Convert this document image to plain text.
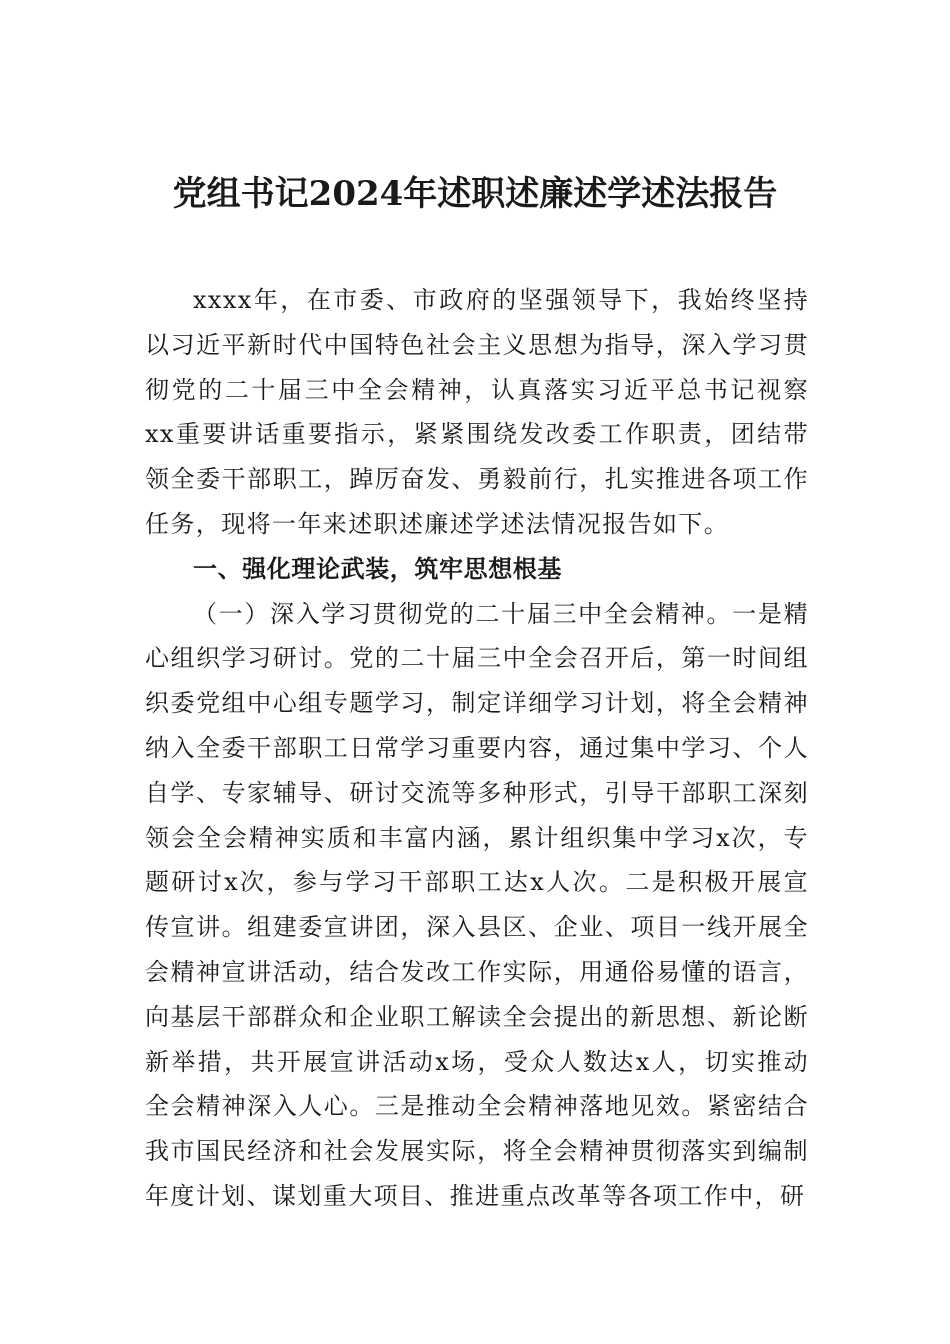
党组书记2024年述职述廉述学述法报告

xxxx年，在市委、市政府的坚强领导下，我始终坚持以习近平新时代中国特色社会主义思想为指导，深入学习贯彻党的二十届三中全会精神，认真落实习近平总书记视察xx重要讲话重要指示，紧紧围绕发改委工作职责，团结带领全委干部职工，踔厉奋发、勇毅前行，扎实推进各项工作任务，现将一年来述职述廉述学述法情况报告如下。

一、强化理论武装，筑牢思想根基

（一）深入学习贯彻党的二十届三中全会精神。一是精心组织学习研讨。党的二十届三中全会召开后，第一时间组织委党组中心组专题学习，制定详细学习计划，将全会精神纳入全委干部职工日常学习重要内容，通过集中学习、个人自学、专家辅导、研讨交流等多种形式，引导干部职工深刻领会全会精神实质和丰富内涵，累计组织集中学习x次，专题研讨x次，参与学习干部职工达x人次。二是积极开展宣传宣讲。组建委宣讲团，深入县区、企业、项目一线开展全会精神宣讲活动，结合发改工作实际，用通俗易懂的语言，向基层干部群众和企业职工解读全会提出的新思想、新论断新举措，共开展宣讲活动x场，受众人数达x人，切实推动全会精神深入人心。三是推动全会精神落地见效。紧密结合我市国民经济和社会发展实际，将全会精神贯彻落实到编制年度计划、谋划重大项目、推进重点改革等各项工作中，研
